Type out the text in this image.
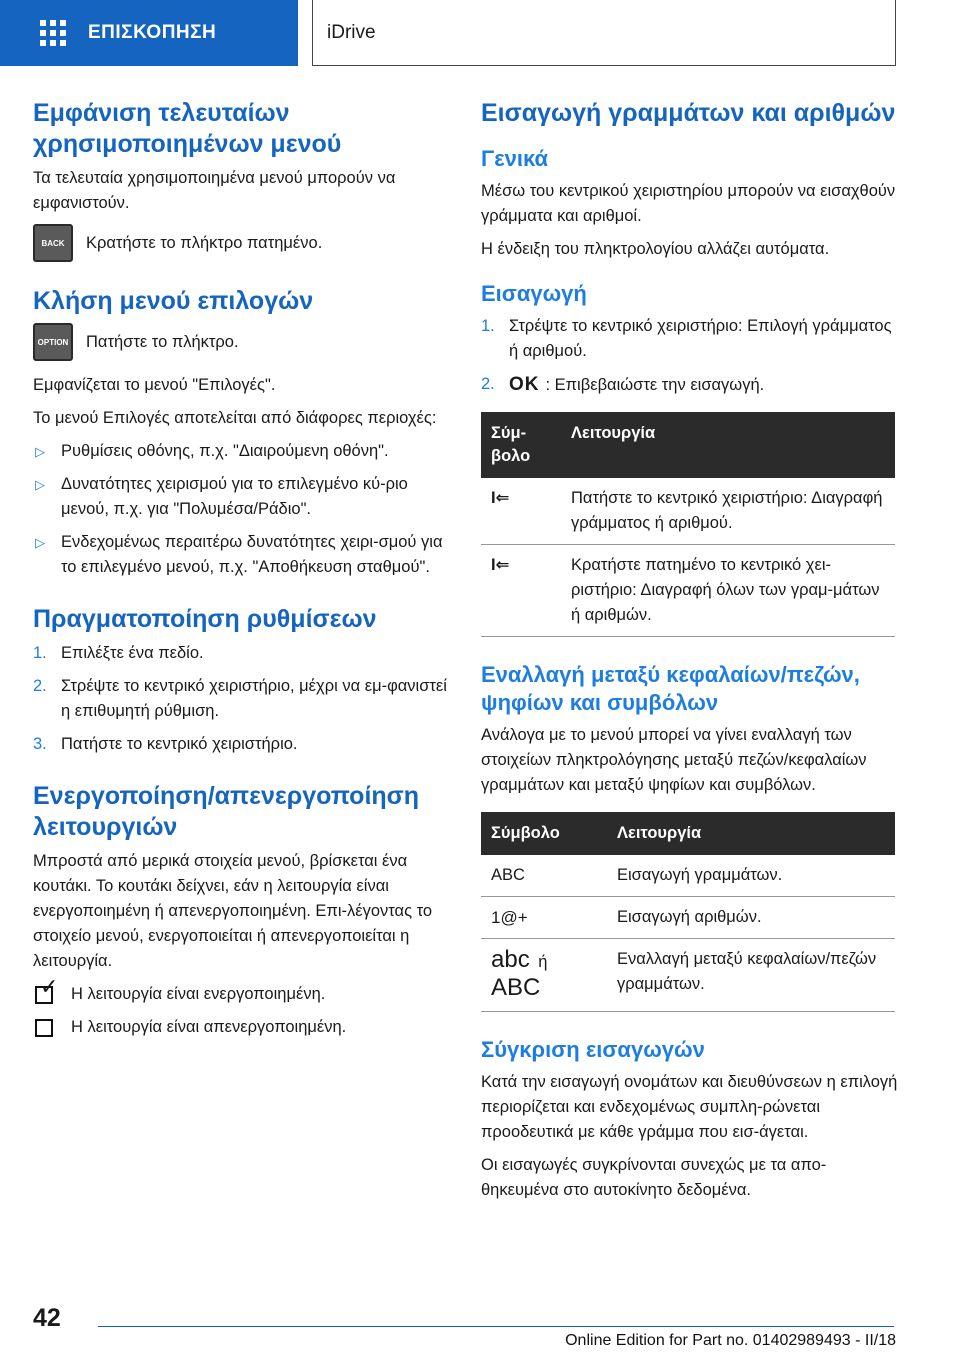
ΕΠΙΣΚΟΠΗΣΗ	iDrive
Εμφάνιση τελευταίων χρησιμοποιημένων μενού

Τα τελευταία χρησιμοποιημένα μενού μπορούν να εμφανιστούν.

BACK	Κρατήστε το πλήκτρο πατημένο.
Κλήση μενού επιλογών
OPTION Πατήστε το πλήκτρο.

Εμφανίζεται το μενού "Επιλογές".

Το μενού Επιλογές αποτελείται από διάφορες περιοχές:

▷ Ρυθμίσεις οθόνης, π.χ. "Διαιρούμενη οθόνη".
▷ Δυνατότητες χειρισμού για το επιλεγμένο κύ-ριο μενού, π.χ. για "Πολυμέσα/Ράδιο".
▷ Ενδεχομένως περαιτέρω δυνατότητες χειρι-σμού για το επιλεγμένο μενού, π.χ. "Αποθήκευση σταθμού".
Πραγματοποίηση ρυθμίσεων
1. Επιλέξτε ένα πεδίο.
2. Στρέψτε το κεντρικό χειριστήριο, μέχρι να εμ-φανιστεί η επιθυμητή ρύθμιση.
3. Πατήστε το κεντρικό χειριστήριο.
Ενεργοποίηση/απενεργοποίηση λειτουργιών

Μπροστά από μερικά στοιχεία μενού, βρίσκεται ένα κουτάκι. Το κουτάκι δείχνει, εάν η λειτουργία είναι ενεργοποιημένη ή απενεργοποιημένη. Επι-λέγοντας το στοιχείο μενού, ενεργοποιείται ή απενεργοποιείται η λειτουργία.

✓ Η λειτουργία είναι ενεργοποιημένη.
Η λειτουργία είναι απενεργοποιημένη.
Εισαγωγή γραμμάτων και αριθμών
Γενικά

Μέσω του κεντρικού χειριστηρίου μπορούν να εισαχθούν γράμματα και αριθμοί.

Η ένδειξη του πληκτρολογίου αλλάζει αυτόματα.

Εισαγωγή
1. Στρέψτε το κεντρικό χειριστήριο: Επιλογή γράμματος ή αριθμού.
2. OK : Επιβεβαιώστε την εισαγωγή.
Σύμ-βολο	Λειτουργία
I⇐	Πατήστε το κεντρικό χειριστήριο: Διαγραφή γράμματος ή αριθμού.
I⇐	Κρατήστε πατημένο το κεντρικό χει-ριστήριο: Διαγραφή όλων των γραμ-μάτων ή αριθμών.
Εναλλαγή μεταξύ κεφαλαίων/πεζών, ψηφίων και συμβόλων

Ανάλογα με το μενού μπορεί να γίνει εναλλαγή των στοιχείων πληκτρολόγησης μεταξύ πεζών/κεφαλαίων γραμμάτων και μεταξύ ψηφίων και συμβόλων.

Σύμβολο	Λειτουργία
ABC	Εισαγωγή γραμμάτων.
1@+	Εισαγωγή αριθμών.
abc ή
ABC	Εναλλαγή μεταξύ κεφαλαίων/πεζών γραμμάτων.
Σύγκριση εισαγωγών

Κατά την εισαγωγή ονομάτων και διευθύνσεων η επιλογή περιορίζεται και ενδεχομένως συμπλη-ρώνεται προοδευτικά με κάθε γράμμα που εισ-άγεται.

Οι εισαγωγές συγκρίνονται συνεχώς με τα απο-θηκευμένα στο αυτοκίνητο δεδομένα.

42
Online Edition for Part no. 01402989493 - II/18
